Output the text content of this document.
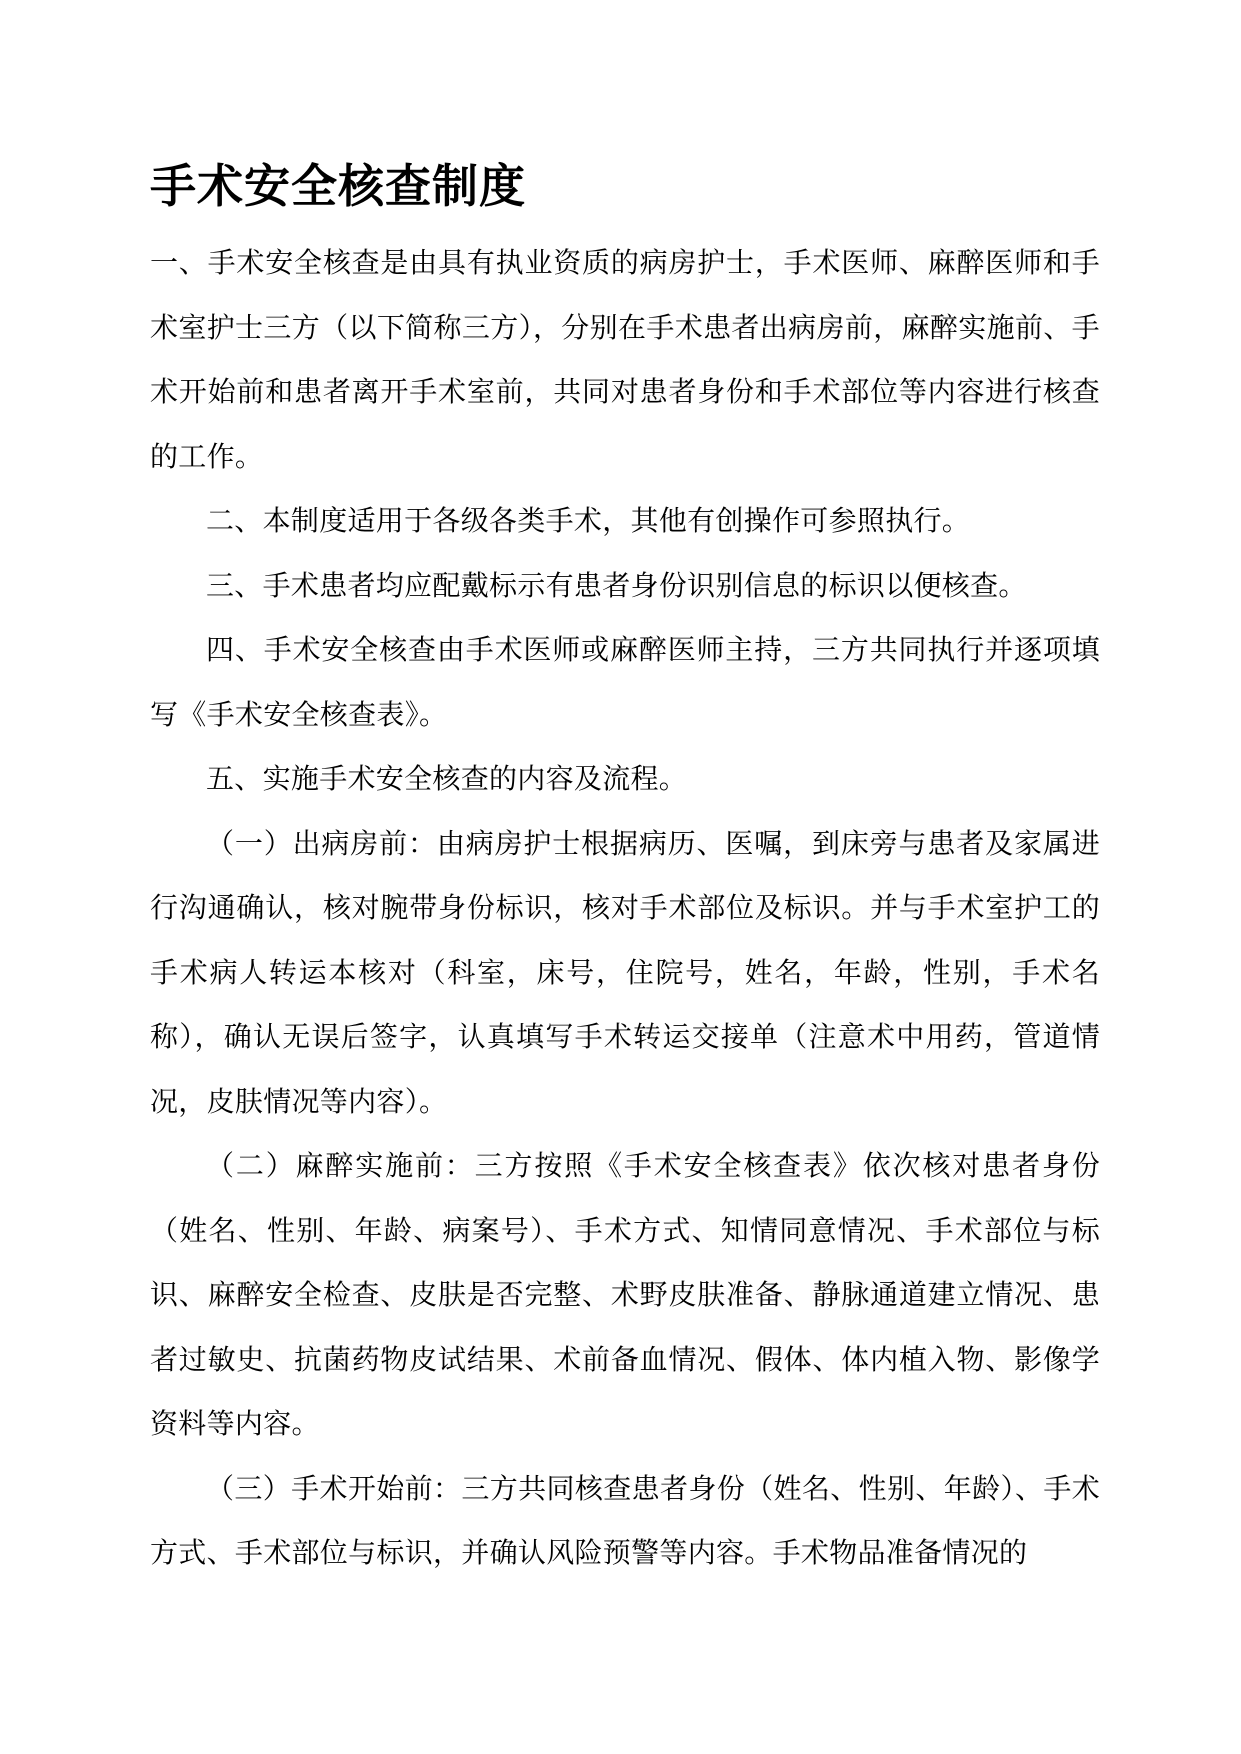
手术安全核查制度

一、手术安全核查是由具有执业资质的病房护士，手术医师、麻醉医师和手术室护士三方（以下简称三方），分别在手术患者出病房前，麻醉实施前、手术开始前和患者离开手术室前，共同对患者身份和手术部位等内容进行核查的工作。

二、本制度适用于各级各类手术，其他有创操作可参照执行。

三、手术患者均应配戴标示有患者身份识别信息的标识以便核查。

四、手术安全核查由手术医师或麻醉医师主持，三方共同执行并逐项填写《手术安全核查表》。

五、实施手术安全核查的内容及流程。

（一）出病房前：由病房护士根据病历、医嘱，到床旁与患者及家属进行沟通确认，核对腕带身份标识，核对手术部位及标识。并与手术室护工的手术病人转运本核对（科室，床号，住院号，姓名，年龄，性别，手术名称），确认无误后签字，认真填写手术转运交接单（注意术中用药，管道情况，皮肤情况等内容）。

（二）麻醉实施前：三方按照《手术安全核查表》依次核对患者身份（姓名、性别、年龄、病案号）、手术方式、知情同意情况、手术部位与标识、麻醉安全检查、皮肤是否完整、术野皮肤准备、静脉通道建立情况、患者过敏史、抗菌药物皮试结果、术前备血情况、假体、体内植入物、影像学资料等内容。

（三）手术开始前：三方共同核查患者身份（姓名、性别、年龄）、手术方式、手术部位与标识，并确认风险预警等内容。手术物品准备情况的
